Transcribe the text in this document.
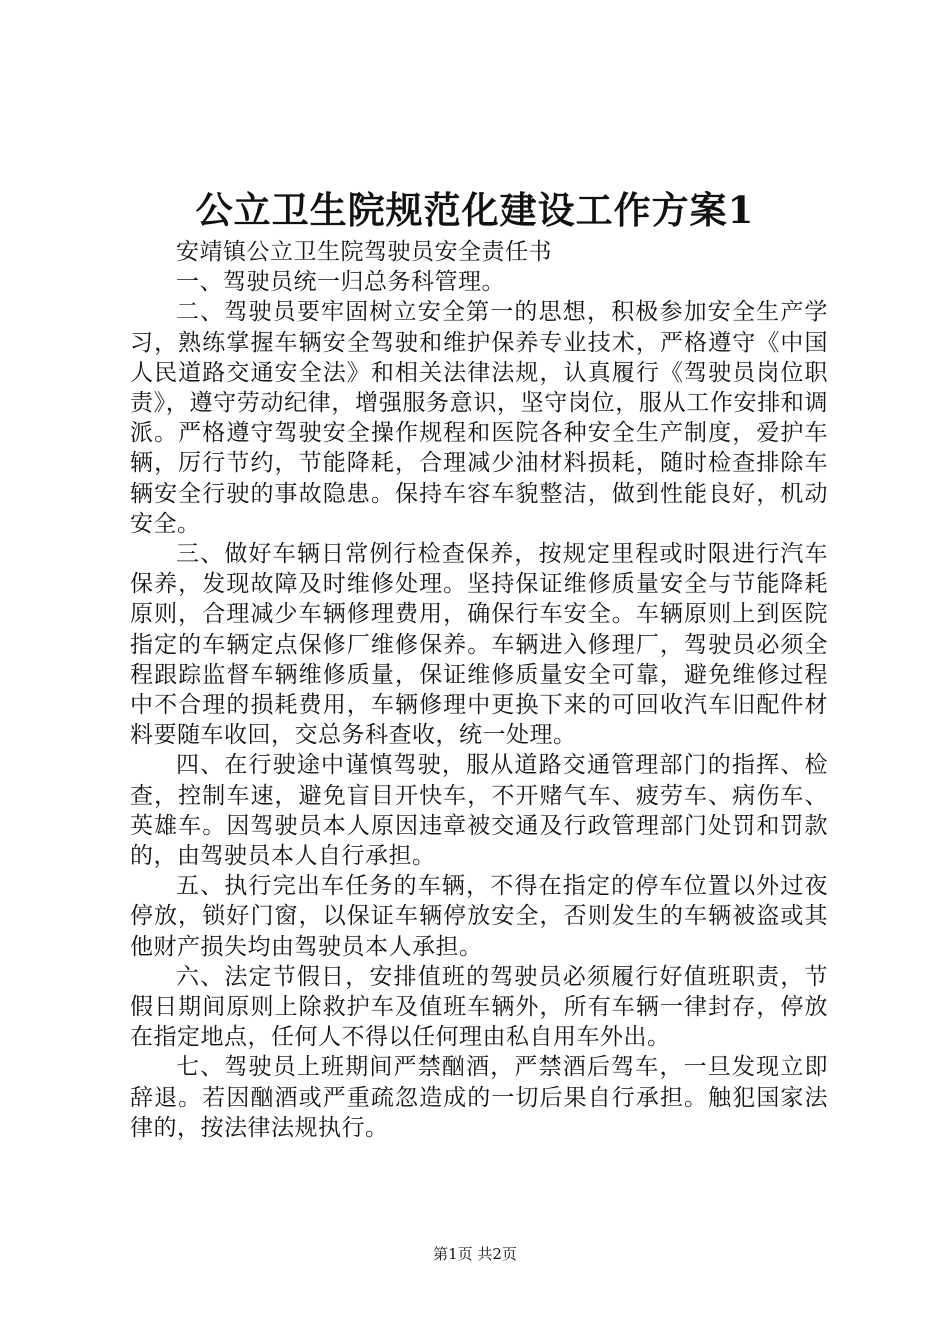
公立卫生院规范化建设工作方案1

安靖镇公立卫生院驾驶员安全责任书

一、驾驶员统一归总务科管理。

二、驾驶员要牢固树立安全第一的思想，积极参加安全生产学习，熟练掌握车辆安全驾驶和维护保养专业技术，严格遵守《中国人民道路交通安全法》和相关法律法规，认真履行《驾驶员岗位职责》，遵守劳动纪律，增强服务意识，坚守岗位，服从工作安排和调派。严格遵守驾驶安全操作规程和医院各种安全生产制度，爱护车辆，厉行节约，节能降耗，合理减少油材料损耗，随时检查排除车辆安全行驶的事故隐患。保持车容车貌整洁，做到性能良好，机动安全。

三、做好车辆日常例行检查保养，按规定里程或时限进行汽车保养，发现故障及时维修处理。坚持保证维修质量安全与节能降耗原则，合理减少车辆修理费用，确保行车安全。车辆原则上到医院指定的车辆定点保修厂维修保养。车辆进入修理厂，驾驶员必须全程跟踪监督车辆维修质量，保证维修质量安全可靠，避免维修过程中不合理的损耗费用，车辆修理中更换下来的可回收汽车旧配件材料要随车收回，交总务科查收，统一处理。

四、在行驶途中谨慎驾驶，服从道路交通管理部门的指挥、检查，控制车速，避免盲目开快车，不开赌气车、疲劳车、病伤车、英雄车。因驾驶员本人原因违章被交通及行政管理部门处罚和罚款的，由驾驶员本人自行承担。

五、执行完出车任务的车辆，不得在指定的停车位置以外过夜停放，锁好门窗，以保证车辆停放安全，否则发生的车辆被盗或其他财产损失均由驾驶员本人承担。

六、法定节假日，安排值班的驾驶员必须履行好值班职责，节假日期间原则上除救护车及值班车辆外，所有车辆一律封存，停放在指定地点，任何人不得以任何理由私自用车外出。

七、驾驶员上班期间严禁酗酒，严禁酒后驾车，一旦发现立即辞退。若因酗酒或严重疏忽造成的一切后果自行承担。触犯国家法律的，按法律法规执行。

第1页 共2页
